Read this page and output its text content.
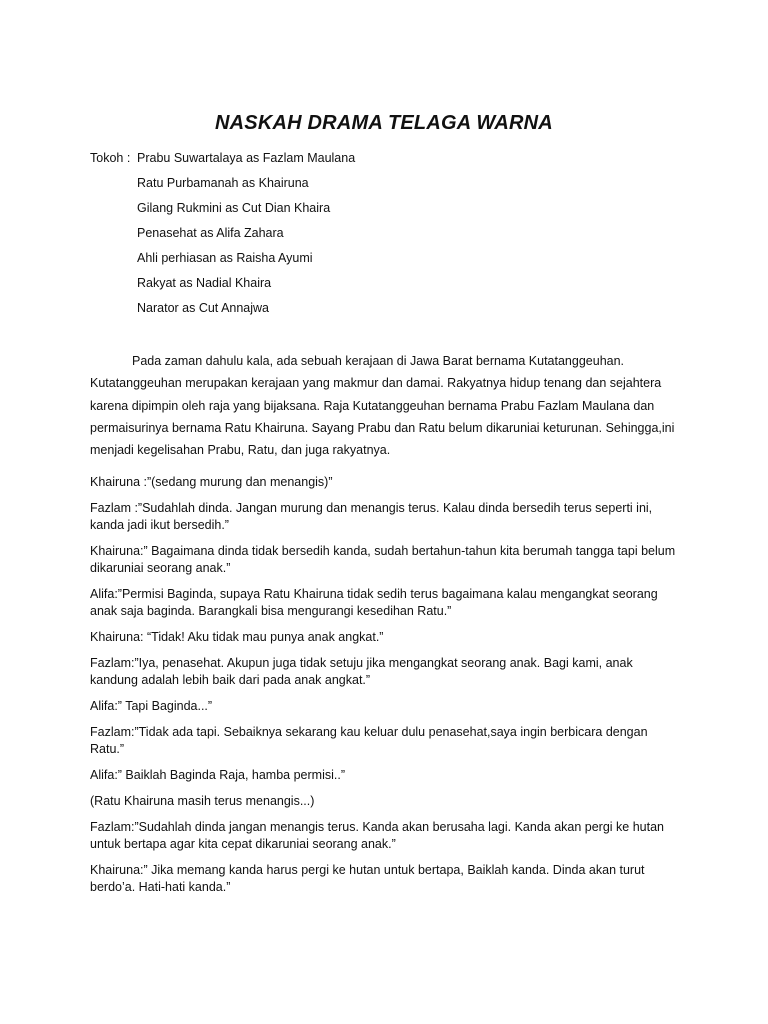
NASKAH DRAMA TELAGA WARNA
Tokoh : Prabu Suwartalaya as Fazlam Maulana
Ratu Purbamanah as Khairuna
Gilang Rukmini as Cut Dian Khaira
Penasehat as Alifa Zahara
Ahli perhiasan as Raisha Ayumi
Rakyat as Nadial Khaira
Narator as Cut Annajwa

Pada zaman dahulu kala, ada sebuah kerajaan di Jawa Barat bernama Kutatanggeuhan. Kutatanggeuhan merupakan kerajaan yang makmur dan damai. Rakyatnya hidup tenang dan sejahtera karena dipimpin oleh raja yang bijaksana. Raja Kutatanggeuhan bernama Prabu Fazlam Maulana dan permaisurinya bernama Ratu Khairuna. Sayang Prabu dan Ratu belum dikaruniai keturunan. Sehingga,ini menjadi kegelisahan Prabu, Ratu, dan juga rakyatnya.

Khairuna :”(sedang murung dan menangis)”

Fazlam :”Sudahlah dinda. Jangan murung dan menangis terus. Kalau dinda bersedih terus seperti ini, kanda jadi ikut bersedih.”

Khairuna:” Bagaimana dinda tidak bersedih kanda, sudah bertahun-tahun kita berumah tangga tapi belum dikaruniai seorang anak.”

Alifa:”Permisi Baginda, supaya Ratu Khairuna tidak sedih terus bagaimana kalau mengangkat seorang anak saja baginda. Barangkali bisa mengurangi kesedihan Ratu.”

Khairuna: “Tidak! Aku tidak mau punya anak angkat.”

Fazlam:”Iya, penasehat. Akupun juga tidak setuju jika mengangkat seorang anak. Bagi kami, anak kandung adalah lebih baik dari pada anak angkat.”

Alifa:” Tapi Baginda...”

Fazlam:”Tidak ada tapi. Sebaiknya sekarang kau keluar dulu penasehat,saya ingin berbicara dengan Ratu.”

Alifa:” Baiklah Baginda Raja, hamba permisi..”

(Ratu Khairuna masih terus menangis...)

Fazlam:”Sudahlah dinda jangan menangis terus. Kanda akan berusaha lagi. Kanda akan pergi ke hutan untuk bertapa agar kita cepat dikaruniai seorang anak.”

Khairuna:” Jika memang kanda harus pergi ke hutan untuk bertapa, Baiklah kanda. Dinda akan turut berdo’a. Hati-hati kanda.”
